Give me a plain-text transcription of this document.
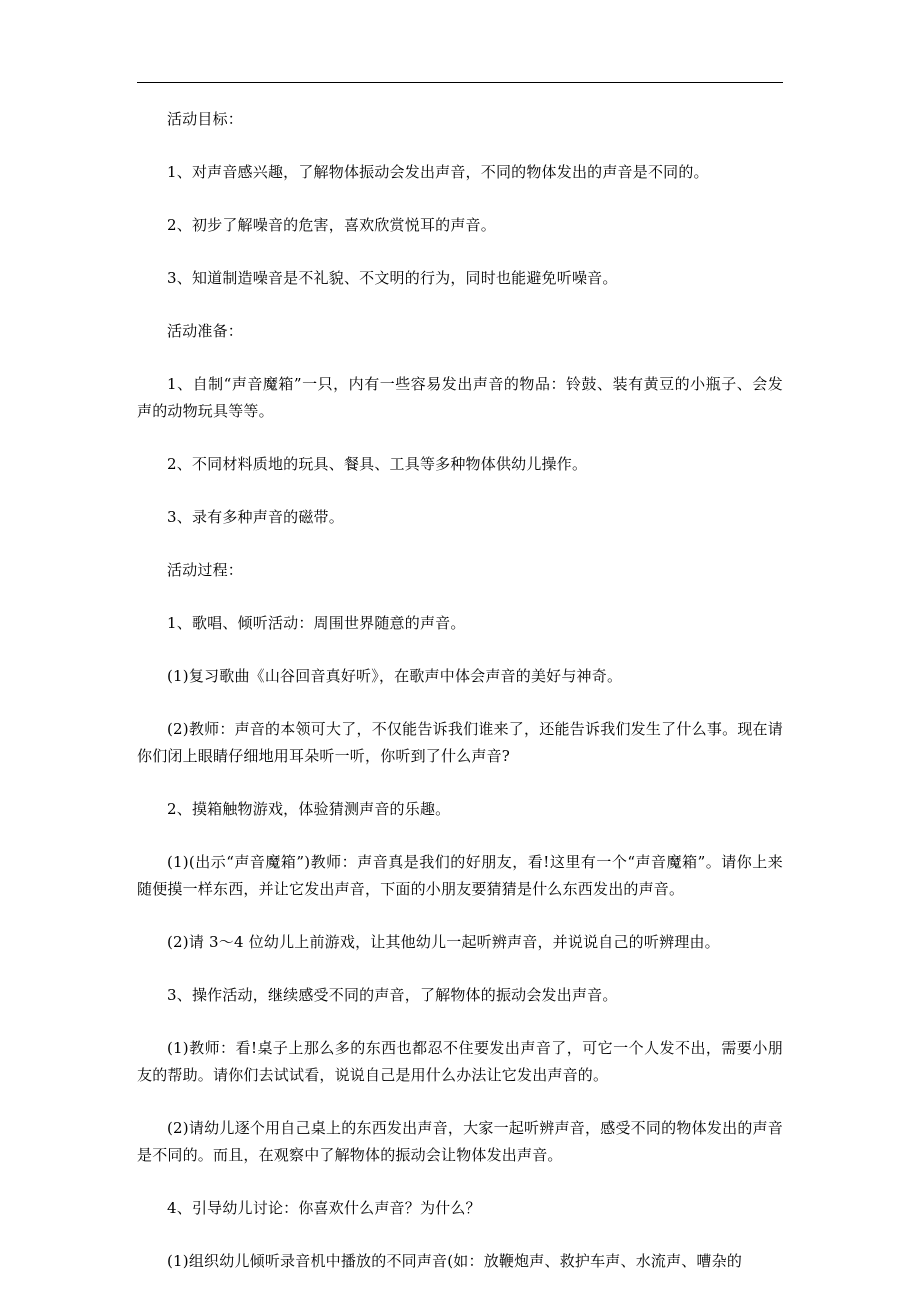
活动目标：

1、对声音感兴趣，了解物体振动会发出声音，不同的物体发出的声音是不同的。

2、初步了解噪音的危害，喜欢欣赏悦耳的声音。

3、知道制造噪音是不礼貌、不文明的行为，同时也能避免听噪音。

活动准备：

1、自制“声音魔箱”一只，内有一些容易发出声音的物品：铃鼓、装有黄豆的小瓶子、会发声的动物玩具等等。

2、不同材料质地的玩具、餐具、工具等多种物体供幼儿操作。

3、录有多种声音的磁带。

活动过程：

1、歌唱、倾听活动：周围世界随意的声音。

(1)复习歌曲《山谷回音真好听》，在歌声中体会声音的美好与神奇。

(2)教师：声音的本领可大了，不仅能告诉我们谁来了，还能告诉我们发生了什么事。现在请你们闭上眼睛仔细地用耳朵听一听，你听到了什么声音?

2、摸箱触物游戏，体验猜测声音的乐趣。

(1)(出示“声音魔箱”)教师：声音真是我们的好朋友，看!这里有一个“声音魔箱”。请你上来随便摸一样东西，并让它发出声音，下面的小朋友要猜猜是什么东西发出的声音。

(2)请 3～4 位幼儿上前游戏，让其他幼儿一起听辨声音，并说说自己的听辨理由。

3、操作活动，继续感受不同的声音，了解物体的振动会发出声音。

(1)教师：看!桌子上那么多的东西也都忍不住要发出声音了，可它一个人发不出，需要小朋友的帮助。请你们去试试看，说说自己是用什么办法让它发出声音的。

(2)请幼儿逐个用自己桌上的东西发出声音，大家一起听辨声音，感受不同的物体发出的声音是不同的。而且，在观察中了解物体的振动会让物体发出声音。

4、引导幼儿讨论：你喜欢什么声音？为什么？

(1)组织幼儿倾听录音机中播放的不同声音(如：放鞭炮声、救护车声、水流声、嘈杂的
